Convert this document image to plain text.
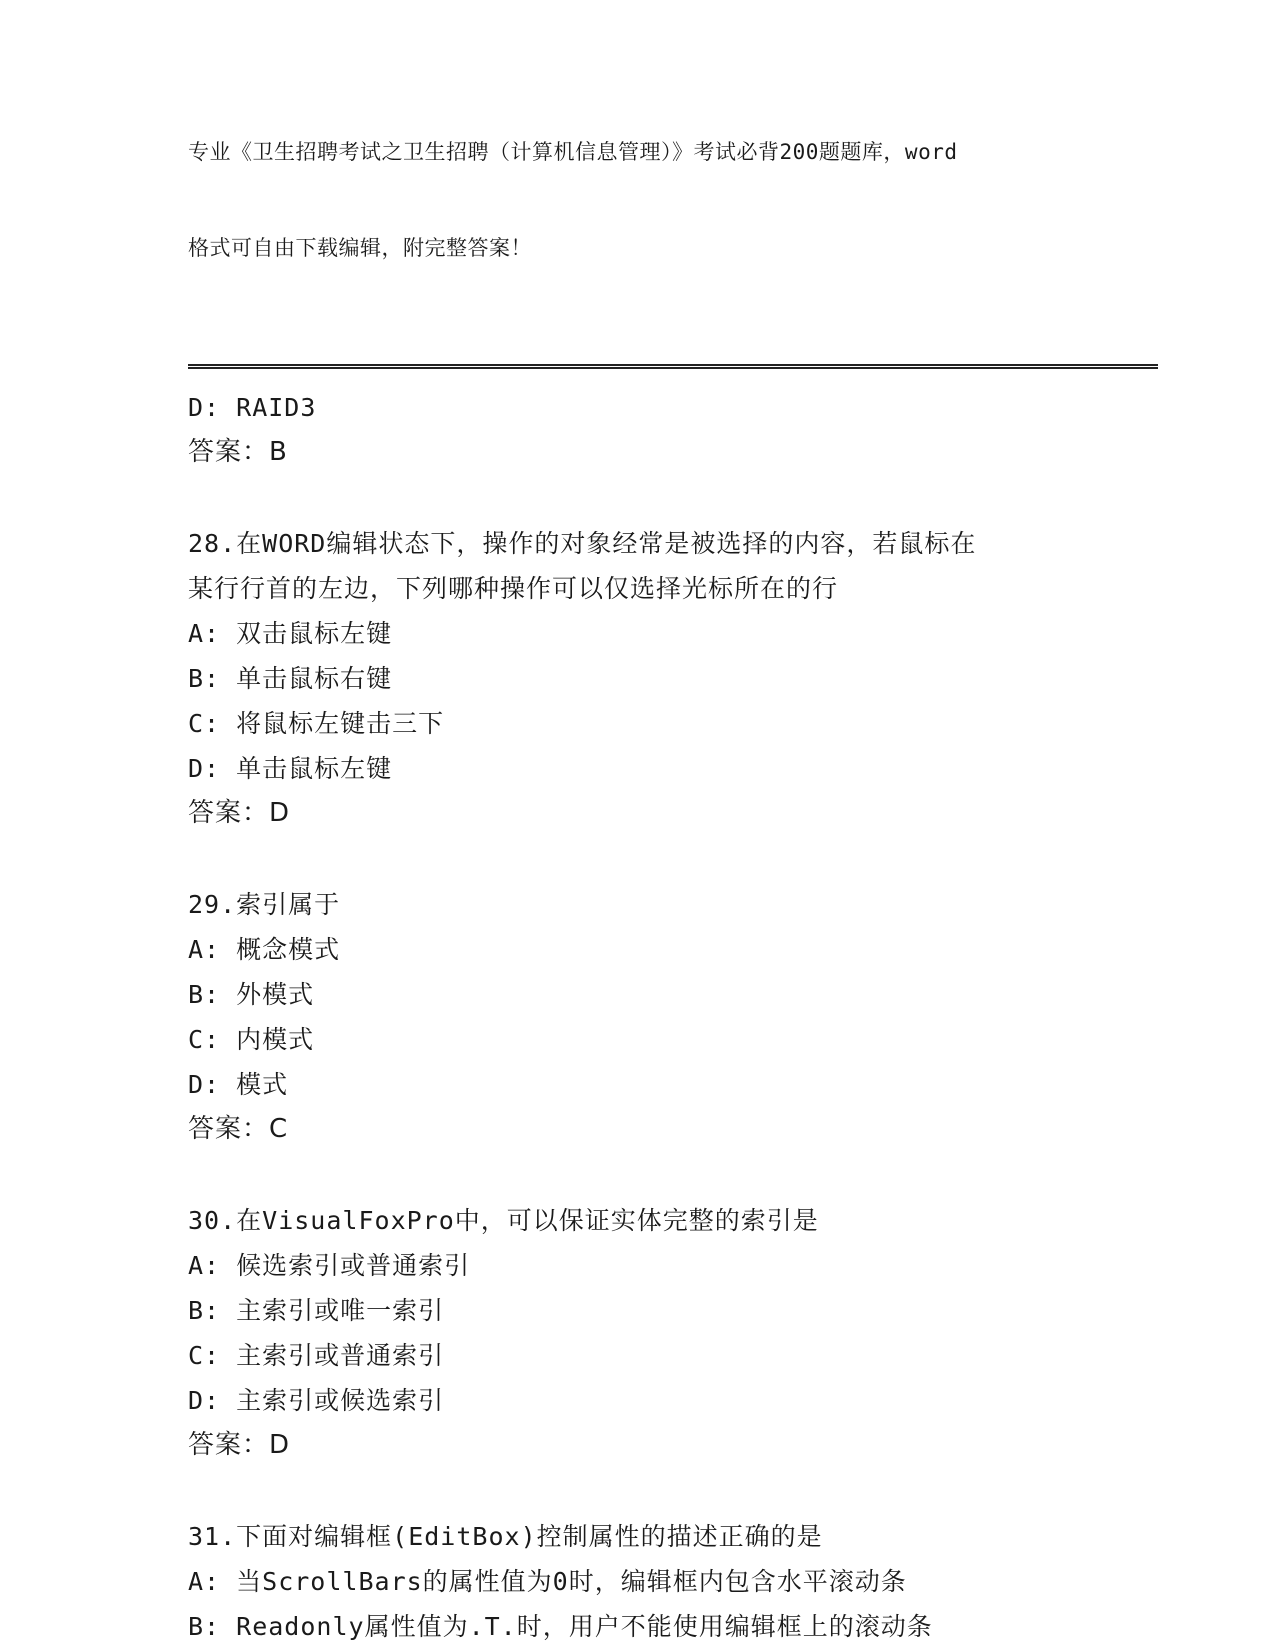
专业《卫生招聘考试之卫生招聘（计算机信息管理）》考试必背200题题库，word

格式可自由下载编辑，附完整答案！

D: RAID3
答案：B
28.在WORD编辑状态下，操作的对象经常是被选择的内容，若鼠标在
某行行首的左边，下列哪种操作可以仅选择光标所在的行
A: 双击鼠标左键
B: 单击鼠标右键
C: 将鼠标左键击三下
D: 单击鼠标左键
答案：D
29.索引属于
A: 概念模式
B: 外模式
C: 内模式
D: 模式
答案：C
30.在VisualFoxPro中，可以保证实体完整的索引是
A: 候选索引或普通索引
B: 主索引或唯一索引
C: 主索引或普通索引
D: 主索引或候选索引
答案：D
31.下面对编辑框(EditBox)控制属性的描述正确的是
A: 当ScrollBars的属性值为0时，编辑框内包含水平滚动条
B: Readonly属性值为.T.时，用户不能使用编辑框上的滚动条
